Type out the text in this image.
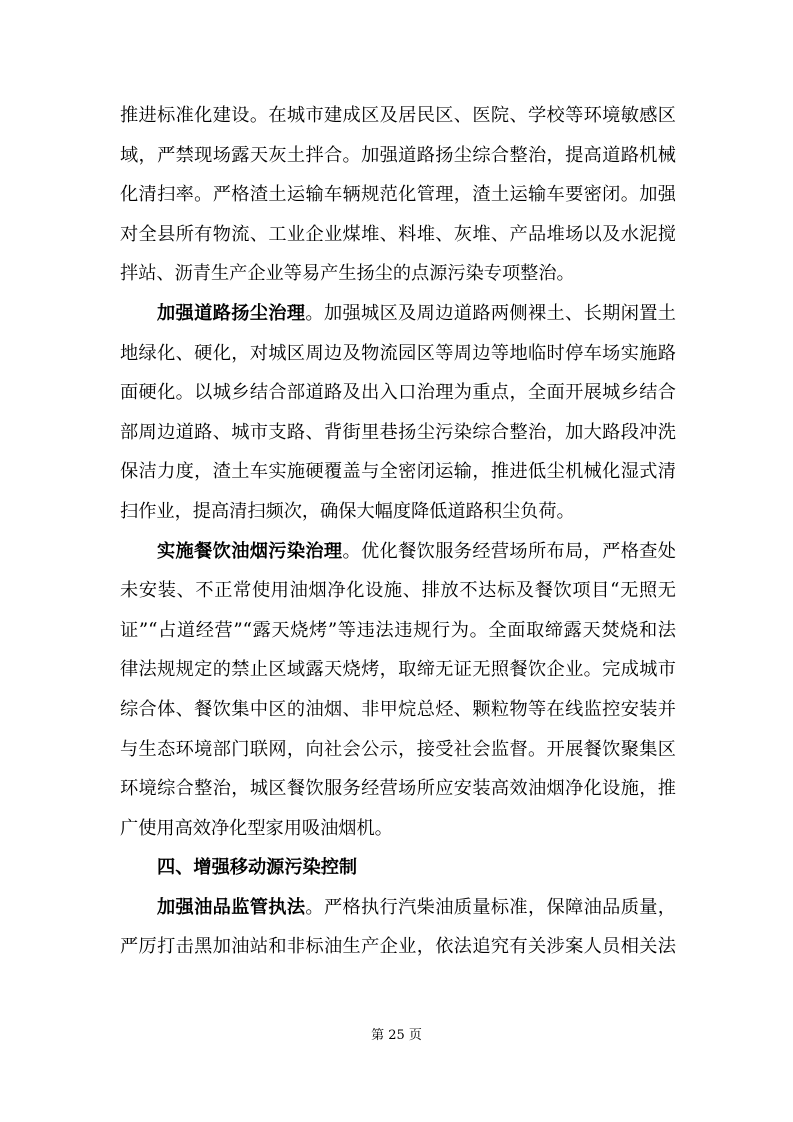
推进标准化建设。在城市建成区及居民区、医院、学校等环境敏感区
域，严禁现场露天灰土拌合。加强道路扬尘综合整治，提高道路机械
化清扫率。严格渣土运输车辆规范化管理，渣土运输车要密闭。加强
对全县所有物流、工业企业煤堆、料堆、灰堆、产品堆场以及水泥搅
拌站、沥青生产企业等易产生扬尘的点源污染专项整治。
加强道路扬尘治理。加强城区及周边道路两侧裸土、长期闲置土
地绿化、硬化，对城区周边及物流园区等周边等地临时停车场实施路
面硬化。以城乡结合部道路及出入口治理为重点，全面开展城乡结合
部周边道路、城市支路、背街里巷扬尘污染综合整治，加大路段冲洗
保洁力度，渣土车实施硬覆盖与全密闭运输，推进低尘机械化湿式清
扫作业，提高清扫频次，确保大幅度降低道路积尘负荷。
实施餐饮油烟污染治理。优化餐饮服务经营场所布局，严格查处
未安装、不正常使用油烟净化设施、排放不达标及餐饮项目“无照无
证”“占道经营”“露天烧烤”等违法违规行为。全面取缔露天焚烧和法
律法规规定的禁止区域露天烧烤，取缔无证无照餐饮企业。完成城市
综合体、餐饮集中区的油烟、非甲烷总烃、颗粒物等在线监控安装并
与生态环境部门联网，向社会公示，接受社会监督。开展餐饮聚集区
环境综合整治，城区餐饮服务经营场所应安装高效油烟净化设施，推
广使用高效净化型家用吸油烟机。
四、增强移动源污染控制
加强油品监管执法。严格执行汽柴油质量标准，保障油品质量，
严厉打击黑加油站和非标油生产企业，依法追究有关涉案人员相关法
第 25 页
